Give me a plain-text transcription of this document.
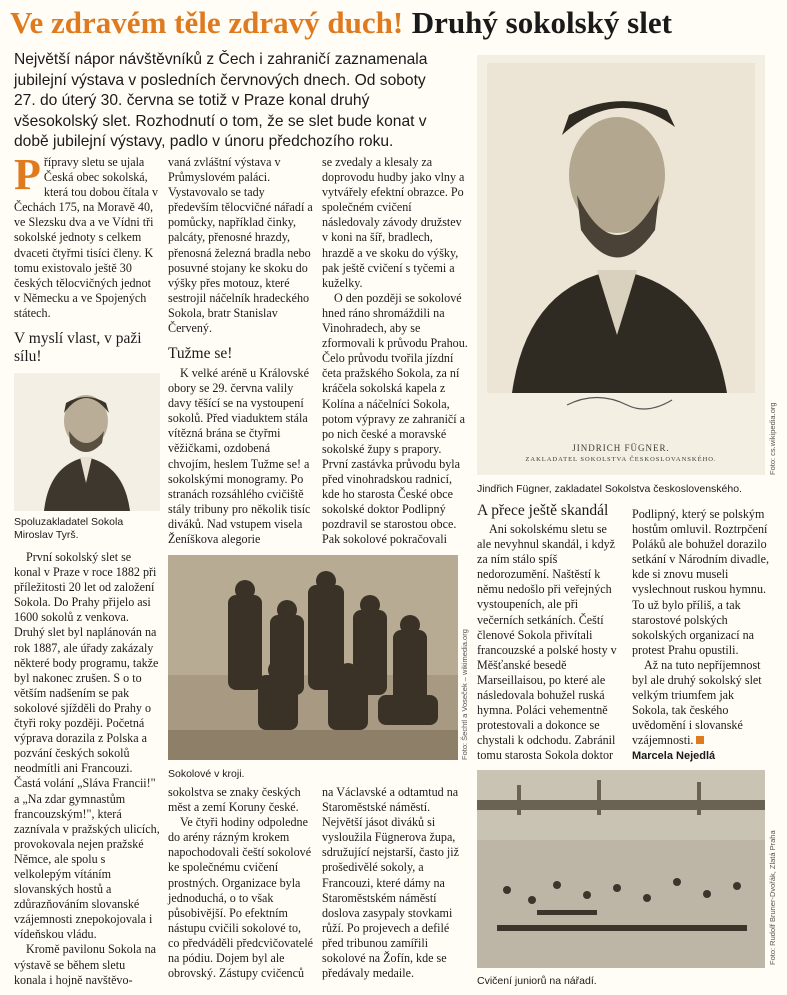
Ve zdravém těle zdravý duch! Druhý sokolský slet
Největší nápor návštěvníků z Čech i zahraničí zaznamenala jubilejní výstava v posledních červnových dnech. Od soboty 27. do úterý 30. června se totiž v Praze konal druhý všesokolský slet. Rozhodnutí o tom, že se slet bude konat v době jubilejní výstavy, padlo v únoru předchozího roku.

Přípravy sletu se ujala Česká obec sokolská, která tou dobou čítala v Čechách 175, na Moravě 40, ve Slezsku dva a ve Vídni tři sokolské jednoty s celkem dvaceti čtyřmi tisíci členy. K tomu existovalo ještě 30 českých tělocvičných jednot v Německu a ve Spojených státech.

V myslí vlast, v paži sílu!
Spoluzakladatel Sokola Miroslav Tyrš.

První sokolský slet se konal v Praze v roce 1882 při příležitosti 20 let od založení Sokola. Do Prahy přijelo asi 1600 sokolů z venkova. Druhý slet byl naplánován na rok 1887, ale úřady zakázaly některé body programu, takže byl nakonec zrušen. S o to větším nadšením se pak sokolové sjížděli do Prahy o čtyři roky později. Početná výprava dorazila z Polska a pozvání českých sokolů neodmítli ani Francouzi. Častá volání „Sláva Francii!" a „Na zdar gymnastům francouzským!", která zaznívala v pražských ulicích, provokovala nejen pražské Němce, ale spolu s velkolepým vítáním slovanských hostů a zdůrazňováním slovanské vzájemnosti znepokojovala i vídeňskou vládu.

Kromě pavilonu Sokola na výstavě se během sletu konala i hojně navštěvo-

vaná zvláštní výstava v Průmyslovém paláci. Vystavovalo se tady především tělocvičné nářadí a pomůcky, například činky, palcáty, přenosné hrazdy, přenosná železná bradla nebo posuvné stojany ke skoku do výšky přes motouz, které sestrojil náčelník hradeckého Sokola, bratr Stanislav Červený.

Tužme se!

K velké aréně u Královské obory se 29. června valily davy těšící se na vystoupení sokolů. Před viaduktem stála vítězná brána se čtyřmi věžičkami, ozdobená chvojím, heslem Tužme se! a sokolskými monogramy. Po stranách rozsáhlého cvičiště stály tribuny pro několik tisíc diváků. Nad vstupem visela Ženíškova alegorie

Sokolové v kroji.
Foto: Šechtl a Voseček – wikimedia.org

sokolstva se znaky českých měst a zemí Koruny české.

Ve čtyři hodiny odpoledne do arény rázným krokem napochodovali čeští sokolové ke společnému cvičení prostných. Organizace byla jednoduchá, o to však působivější. Po efektním nástupu cvičili sokolové to, co předváděli předcvičovatelé na pódiu. Dojem byl ale obrovský. Zástupy cvičenců

se zvedaly a klesaly za doprovodu hudby jako vlny a vytvářely efektní obrazce. Po společném cvičení následovaly závody družstev v koni na šíř, bradlech, hrazdě a ve skoku do výšky, pak ještě cvičení s tyčemi a kuželky.

O den později se sokolové hned ráno shromáždili na Vinohradech, aby se zformovali k průvodu Prahou. Čelo průvodu tvořila jízdní četa pražského Sokola, za ní kráčela sokolská kapela z Kolína a náčelníci Sokola, potom výpravy ze zahraničí a po nich české a moravské sokolské župy s prapory. První zastávka průvodu byla před vinohradskou radnicí, kde ho starosta České obce sokolské doktor Podlipný pozdravil se starostou obce. Pak sokolové pokračovali

na Václavské a odtamtud na Staroměstské náměstí. Největší jásot diváků si vysloužila Fügnerova župa, sdružující nejstarší, často již prošedivělé sokoly, a Francouzi, které dámy na Staroměstském náměstí doslova zasypaly stovkami růží. Po projevech a defilé před tribunou zamířili sokolové na Žofín, kde se předávaly medaile.

JINDRICH FÜGNER.
ZAKLADATEL SOKOLSTVA ČESKOSLOVANSKÉHO.	Foto: cs.wikipedia.org
Jindřich Fügner, zakladatel Sokolstva československého.
A přece ještě skandál

Ani sokolskému sletu se ale nevyhnul skandál, i když za ním stálo spíš nedorozumění. Naštěstí k němu nedošlo při veřejných vystoupeních, ale při večerních setkáních. Čeští členové Sokola přivítali francouzské a polské hosty v Měšťanské besedě Marseillaisou, po které ale následovala bohužel ruská hymna. Poláci vehementně protestovali a dokonce se chystali k odchodu. Zabránil tomu starosta Sokola doktor

Podlipný, který se polským hostům omluvil. Roztrpčení Poláků ale bohužel dorazilo setkání v Národním divadle, kde si znovu museli vyslechnout ruskou hymnu. To už bylo příliš, a tak starostové polských sokolských organizací na protest Prahu opustili.

Až na tuto nepříjemnost byl ale druhý sokolský slet velkým triumfem jak Sokola, tak českého uvědomění i slovanské vzájemnosti.

Marcela Nejedlá

Foto: Rudolf Bruner-Dvořák, Zlatá Praha
Cvičení juniorů na nářadí.
